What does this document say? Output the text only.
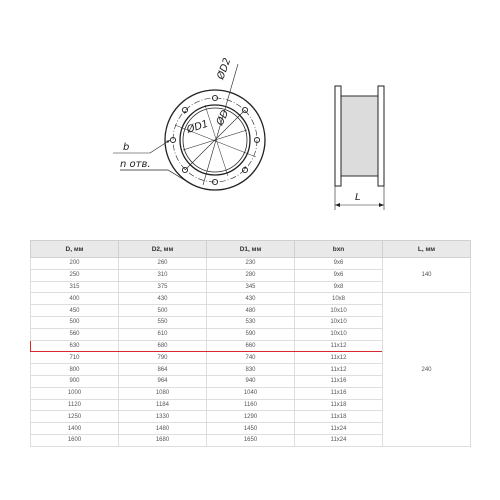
ØD2
ØD1 ØD
b
n отв.
L
D, мм	D2, мм	D1, мм	bxn	L, мм
200	260	230	9x6	140
250	310	280	9x6	
315	375	345	9x8	
400	430	430	10x8	240
450	500	480	10x10	
500	550	530	10x10	
560	610	590	10x10	
630	680	660	11x12	
710	790	740	11x12	
800	864	830	11x12	
900	964	940	11x16	
1000	1080	1040	11x16	
1120	1184	1160	11x18	
1250	1330	1290	11x18	
1400	1480	1450	11x24	
1600	1680	1650	11x24	
